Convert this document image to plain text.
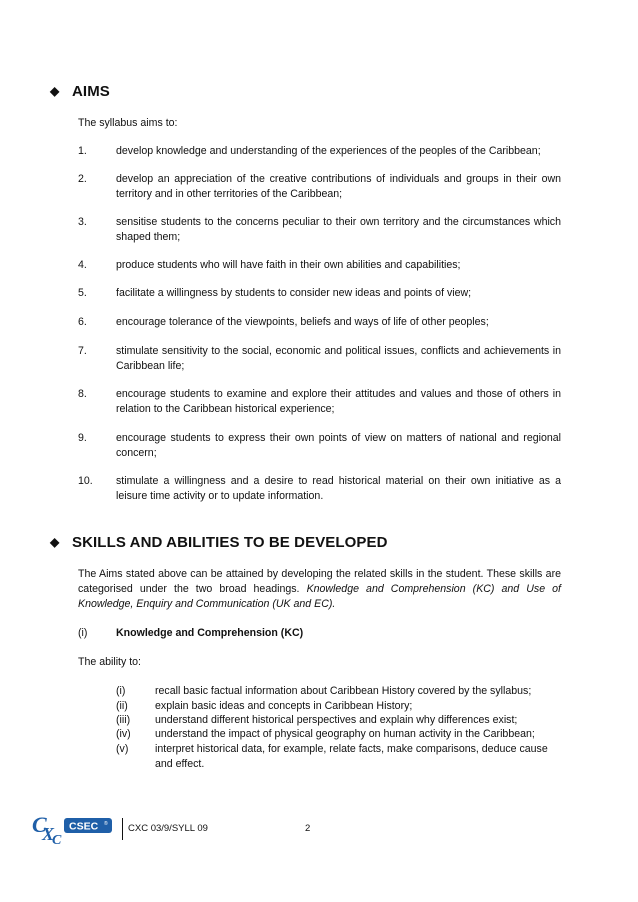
◆ AIMS
The syllabus aims to:
1.	develop knowledge and understanding of the experiences of the peoples of the Caribbean;
2.	develop an appreciation of the creative contributions of individuals and groups in their own territory and in other territories of the Caribbean;
3.	sensitise students to the concerns peculiar to their own territory and the circumstances which shaped them;
4.	produce students who will have faith in their own abilities and capabilities;
5.	facilitate a willingness by students to consider new ideas and points of view;
6.	encourage tolerance of the viewpoints, beliefs and ways of life of other peoples;
7.	stimulate sensitivity to the social, economic and political issues, conflicts and achievements in Caribbean life;
8.	encourage students to examine and explore their attitudes and values and those of others in relation to the Caribbean historical experience;
9.	encourage students to express their own points of view on matters of national and regional concern;
10. stimulate a willingness and a desire to read historical material on their own initiative as a leisure time activity or to update information.
◆ SKILLS AND ABILITIES TO BE DEVELOPED
The Aims stated above can be attained by developing the related skills in the student. These skills are categorised under the two broad headings. Knowledge and Comprehension (KC) and Use of Knowledge, Enquiry and Communication (UK and EC).
(i)	Knowledge and Comprehension (KC)
The ability to:
(i)	recall basic factual information about Caribbean History covered by the syllabus;
(ii)	explain basic ideas and concepts in Caribbean History;
(iii) understand different historical perspectives and explain why differences exist;
(iv) understand the impact of physical geography on human activity in the Caribbean;
(v)	interpret historical data, for example, relate facts, make comparisons, deduce cause and effect.
C
X
C
CSEC ® CXC 03/9/SYLL 09	2
